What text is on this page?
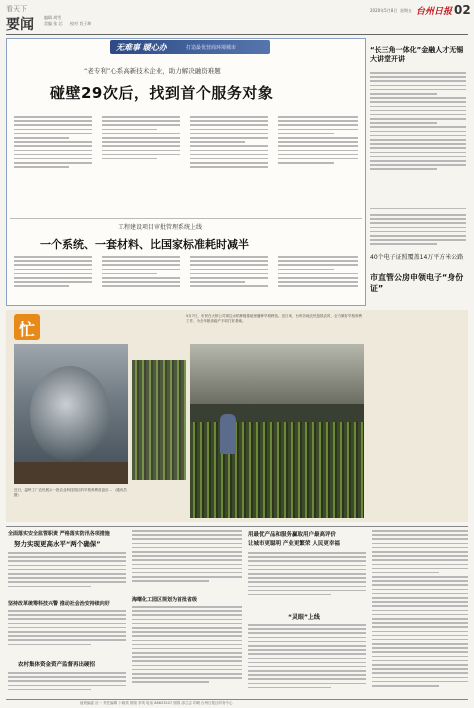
看天下
要闻	编辑 胡雪
美编 张 芯 校对 肖子坤
2020年5月8日 星期五 台州日报 02
无难事 暖心办	打造最优营商环境城市
“老专利”心系高新技术企业，助力解决融资难题
碰壁29次后，找到首个服务对象
工程建设项目审批管理系统上线
一个系统、一套材料、比国家标准耗时减半
“长三角一体化”金融人才无锡大讲堂开讲
40个电子证照覆盖14万平方米公路
市直管公房申领电子“身份证”
忙
近日，温岭工厂农民展示一批农业科技园区的早稻育秧苗盘后... （通讯员 摄）
5月7日，市民在大桥公司周边水稻种植基地里播种早稻秧苗。近日来，台州各地农民抢抓农时，全力做好早稻育秧工作，为全年粮食稳产丰收打好基础。
全面落实安全监管职责 严格落实防汛各项措施
努力实现更高水平“两个确保”
坚持改革统筹科技兴警 推动社会治安持续向好
农村集体资金资产监督再出硬招
海曙化工园区规划为首批省级
用最优产品和服务赢取用户最高评价
让城市更聪明 产业更繁荣 人民更幸福
“灵眼”上线
值班编委 应一 责任编辑 卜晓英 排版 李英 电话 88833207 照排 邵立志 印刷 台州日报社印务中心
